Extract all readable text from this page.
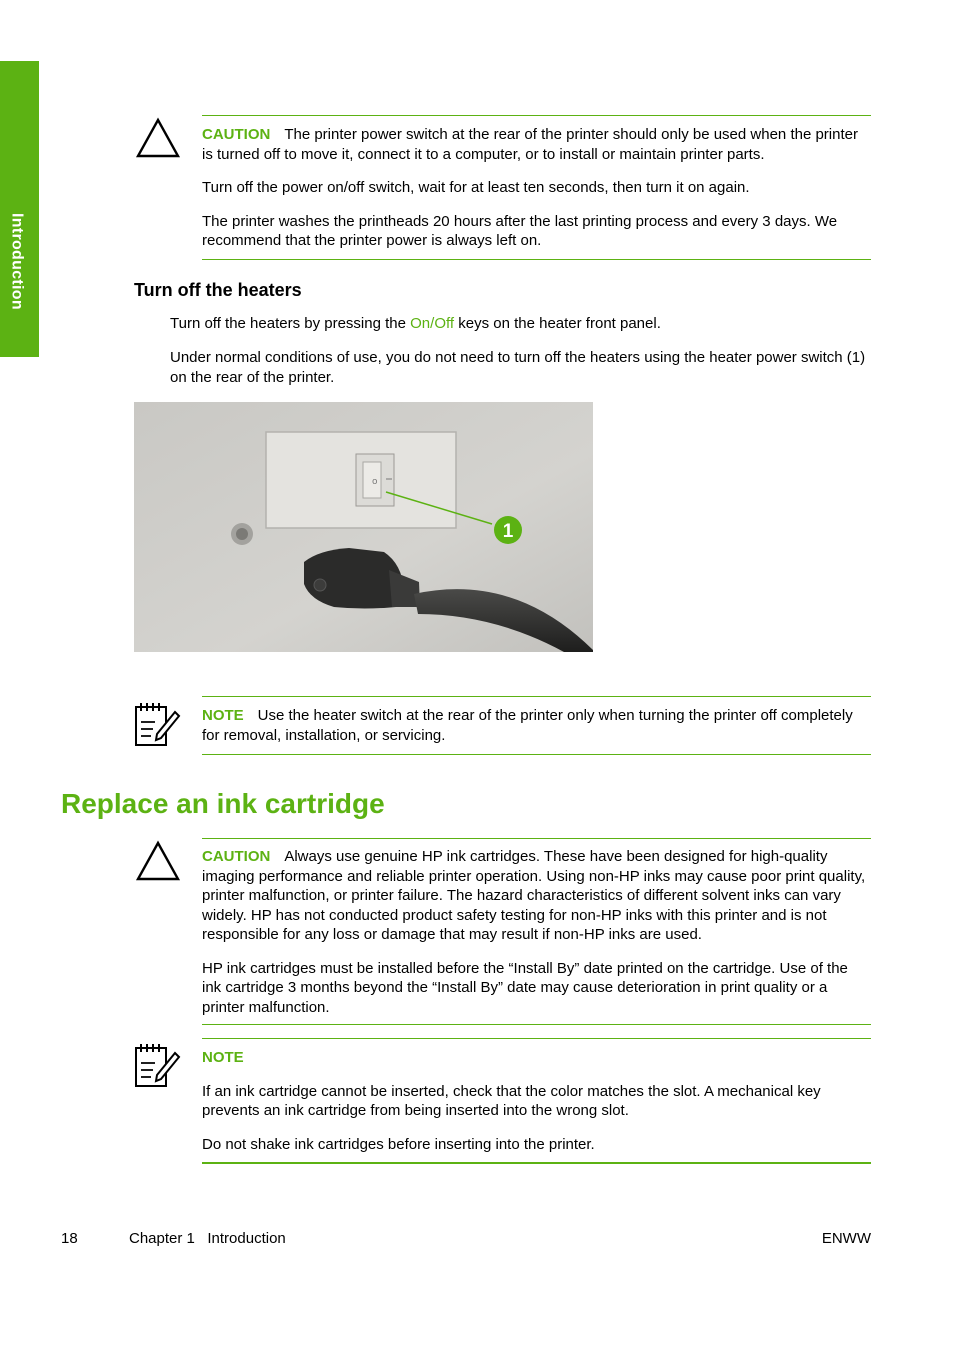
Introduction

CAUTION The printer power switch at the rear of the printer should only be used when the printer is turned off to move it, connect it to a computer, or to install or maintain printer parts.

Turn off the power on/off switch, wait for at least ten seconds, then turn it on again.

The printer washes the printheads 20 hours after the last printing process and every 3 days. We recommend that the printer power is always left on.

Turn off the heaters

Turn off the heaters by pressing the On/Off keys on the heater front panel.

Under normal conditions of use, you do not need to turn off the heaters using the heater power switch (1) on the rear of the printer.

o
1

NOTE Use the heater switch at the rear of the printer only when turning the printer off completely for removal, installation, or servicing.

Replace an ink cartridge

CAUTION Always use genuine HP ink cartridges. These have been designed for high-quality imaging performance and reliable printer operation. Using non-HP inks may cause poor print quality, printer malfunction, or printer failure. The hazard characteristics of different solvent inks can vary widely. HP has not conducted product safety testing for non-HP inks with this printer and is not responsible for any loss or damage that may result if non-HP inks are used.

HP ink cartridges must be installed before the “Install By” date printed on the cartridge. Use of the ink cartridge 3 months beyond the “Install By” date may cause deterioration in print quality or a printer malfunction.

NOTE

If an ink cartridge cannot be inserted, check that the color matches the slot. A mechanical key prevents an ink cartridge from being inserted into the wrong slot.

Do not shake ink cartridges before inserting into the printer.

18	Chapter 1   Introduction	ENWW
